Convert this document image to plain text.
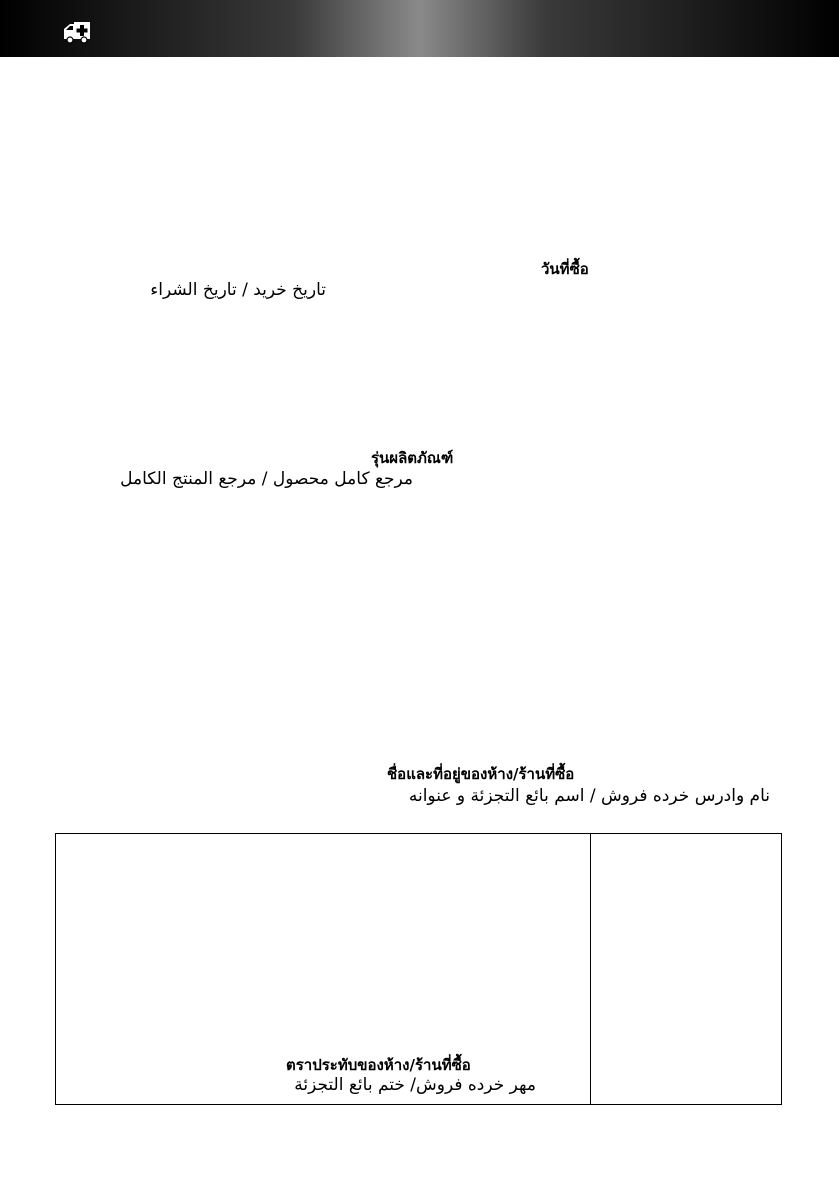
วันที่ซื้อ
تاریخ خرید / تاريخ الشراء
รุ่นผลิตภัณฑ์
مرجع کامل محصول / مرجع المنتج الكامل
ชื่อและที่อยู่ของห้าง/ร้านที่ซื้อ
نام وادرس خرده فروش / اسم بائع التجزئة و عنوانه
ตราประทับของห้าง/ร้านที่ซื้อ
مهر خرده فروش/ ختم بائع التجزئة
